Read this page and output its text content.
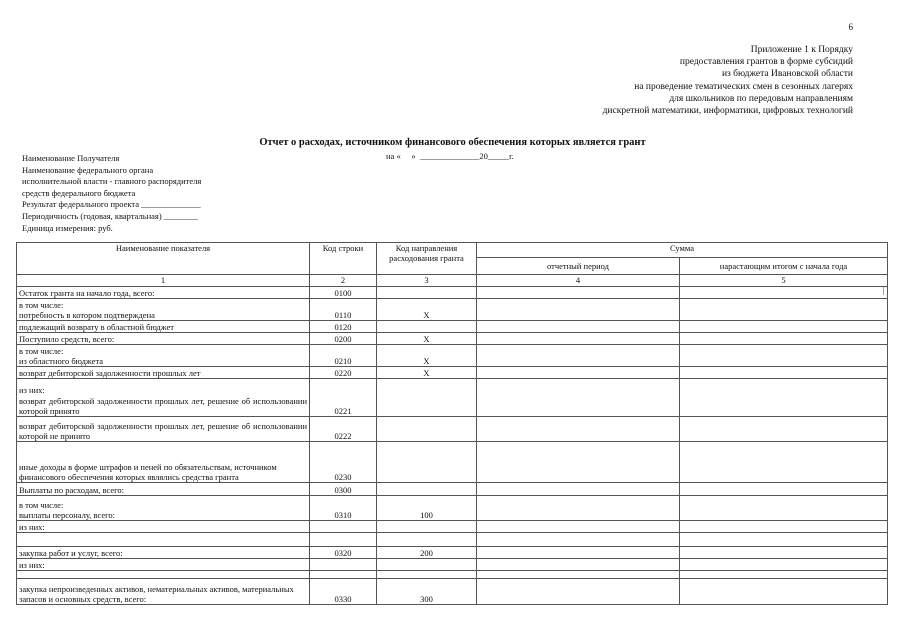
6
Приложение 1 к Порядку
предоставления грантов в форме субсидий
из бюджета Ивановской области
на проведение тематических смен в сезонных лагерях
для школьников по передовым направлениям
дискретной математики, информатики, цифровых технологий
Отчет о расходах, источником финансового обеспечения которых является грант
на «     »  ______________20_____г.
Наименование Получателя
Наименование федерального органа
исполнительной власти - главного распорядителя
средств федерального бюджета
Результат федерального проекта ______________
Периодичность (годовая, квартальная) ________
Единица измерения: руб.
Наименование показателя	Код строки	Код направления расходования гранта	Сумма	
			отчетный период	нарастающим итогом с начала года
1	2	3	4	5
Остаток гранта на начало года, всего:	0100			
в том числе:
потребность в котором подтверждена	0110	X		
подлежащий возврату в областной бюджет	0120			
Поступило средств, всего:	0200	X		
в том числе:
из областного бюджета	0210	X		
возврат дебиторской задолженности прошлых лет	0220	X		
из них:
возврат дебиторской задолженности прошлых лет, решение об использовании которой принято	0221			
возврат дебиторской задолженности прошлых лет, решение об использовании которой не принято	0222			
иные доходы в форме штрафов и пеней по обязательствам, источником финансового обеспечения которых являлись средства гранта	0230			
Выплаты по расходам, всего:	0300			
в том числе:
выплаты персоналу, всего:	0310	100		
из них:				

закупка работ и услуг, всего:	0320	200		
из них:				

закупка непроизведенных активов, нематериальных активов, материальных запасов и основных средств, всего:	0330	300		
|
